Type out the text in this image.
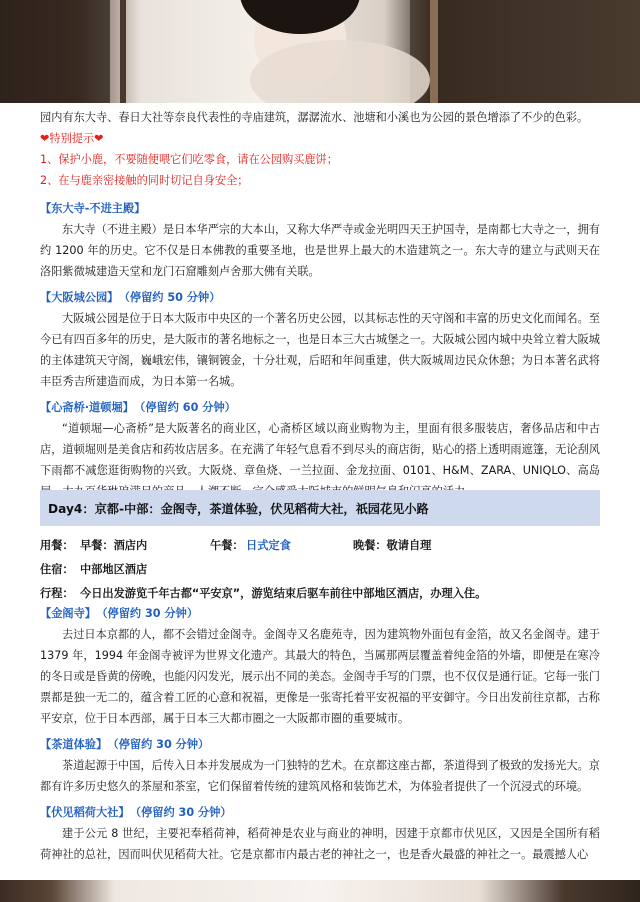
园内有东大寺、春日大社等奈良代表性的寺庙建筑，潺潺流水、池塘和小溪也为公园的景色增添了不少的色彩。

❤特别提示❤

1、保护小鹿，不要随便喂它们吃零食，请在公园购买鹿饼；

2、在与鹿亲密接触的同时切记自身安全；

【东大寺-不进主殿】

东大寺（不进主殿）是日本华严宗的大本山，又称大华严寺或金光明四天王护国寺，是南都七大寺之一，拥有约 1200 年的历史。它不仅是日本佛教的重要圣地，也是世界上最大的木造建筑之一。东大寺的建立与武则天在洛阳紫微城建造天堂和龙门石窟雕刻卢舍那大佛有关联。

【大阪城公园】 （停留约 50 分钟）

大阪城公园是位于日本大阪市中央区的一个著名历史公园，以其标志性的天守阁和丰富的历史文化而闻名。至今已有四百多年的历史，是大阪市的著名地标之一，也是日本三大古城堡之一。大阪城公园内城中央耸立着大阪城的主体建筑天守阁，巍峨宏伟，镶铜镀金，十分壮观，后昭和年间重建，供大阪城周边民众休憩；为日本著名武将丰臣秀吉所建造而成，为日本第一名城。

【心斋桥·道顿堀】 （停留约 60 分钟）

“道顿堀—心斋桥”是大阪著名的商业区，心斋桥区域以商业购物为主，里面有很多服装店，奢侈品店和中古店，道顿堀则是美食店和药妆店居多。在充满了年轻气息看不到尽头的商店街，贴心的搭上透明雨遮篷，无论刮风下雨都不减您逛街购物的兴致。大阪烧、章鱼烧、一兰拉面、金龙拉面、0101、H&M、ZARA、UNIQLO、高岛

Day4：京都-中部：金阁寺，茶道体验，伏见稻荷大社，祇园花见小路
用餐： 早餐：酒店内	午餐： 日式定食	晚餐：敬请自理
住宿： 中部地区酒店
行程： 今日出发游览千年古都“平安京”，游览结束后驱车前往中部地区酒店，办理入住。

【金阁寺】 （停留约 30 分钟）

去过日本京都的人，都不会错过金阁寺。金阁寺又名鹿苑寺，因为建筑物外面包有金箔，故又名金阁寺。建于 1379 年，1994 年金阁寺被评为世界文化遗产。其最大的特色，当属那两层覆盖着纯金箔的外墙，即便是在寒冷的冬日或是昏黄的傍晚，也能闪闪发光，展示出不同的美态。金阁寺手写的门票，也不仅仅是通行证。它每一张门票都是独一无二的，蕴含着工匠的心意和祝福，更像是一张寄托着平安祝福的平安御守。今日出发前往京都，古称平安京，位于日本西部，属于日本三大都市圈之一大阪都市圈的重要城市。

【茶道体验】 （停留约 30 分钟）

茶道起源于中国，后传入日本并发展成为一门独特的艺术。在京都这座古都，茶道得到了极致的发扬光大。京都有许多历史悠久的茶屋和茶室，它们保留着传统的建筑风格和装饰艺术，为体验者提供了一个沉浸式的环境。

【伏见稻荷大社】 （停留约 30 分钟）

建于公元 8 世纪，主要祀奉稻荷神，稻荷神是农业与商业的神明，因建于京都市伏见区，又因是全国所有稻荷神社的总社，因而叫伏见稻荷大社。它是京都市内最古老的神社之一，也是香火最盛的神社之一。最震撼人心
